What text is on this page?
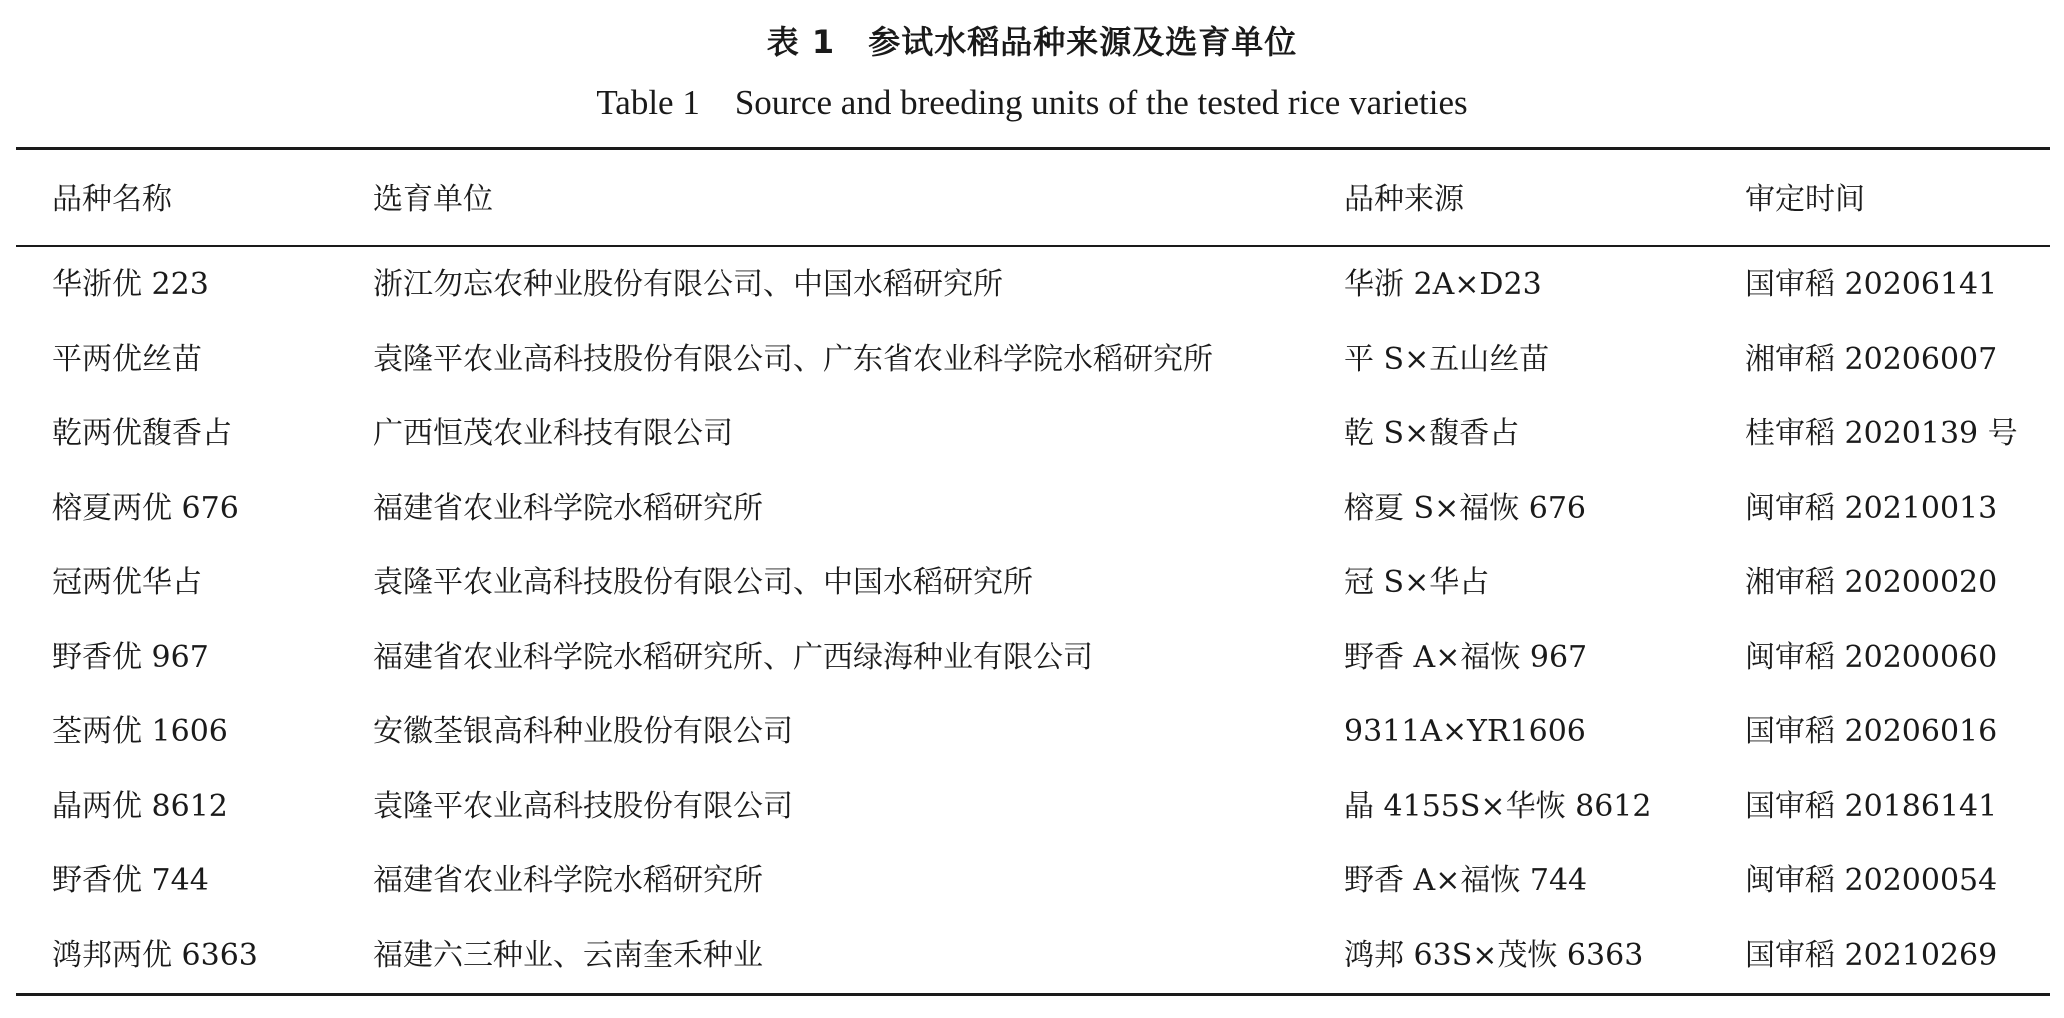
表 1　参试水稻品种来源及选育单位
Table 1　Source and breeding units of the tested rice varieties
品种名称	选育单位	品种来源	审定时间
华浙优 223	浙江勿忘农种业股份有限公司、中国水稻研究所	华浙 2A×D23	国审稻 20206141
平两优丝苗	袁隆平农业高科技股份有限公司、广东省农业科学院水稻研究所	平 S×五山丝苗	湘审稻 20206007
乾两优馥香占	广西恒茂农业科技有限公司	乾 S×馥香占	桂审稻 2020139 号
榕夏两优 676	福建省农业科学院水稻研究所	榕夏 S×福恢 676	闽审稻 20210013
冠两优华占	袁隆平农业高科技股份有限公司、中国水稻研究所	冠 S×华占	湘审稻 20200020
野香优 967	福建省农业科学院水稻研究所、广西绿海种业有限公司	野香 A×福恢 967	闽审稻 20200060
荃两优 1606	安徽荃银高科种业股份有限公司	9311A×YR1606	国审稻 20206016
晶两优 8612	袁隆平农业高科技股份有限公司	晶 4155S×华恢 8612	国审稻 20186141
野香优 744	福建省农业科学院水稻研究所	野香 A×福恢 744	闽审稻 20200054
鸿邦两优 6363	福建六三种业、云南奎禾种业	鸿邦 63S×茂恢 6363	国审稻 20210269
